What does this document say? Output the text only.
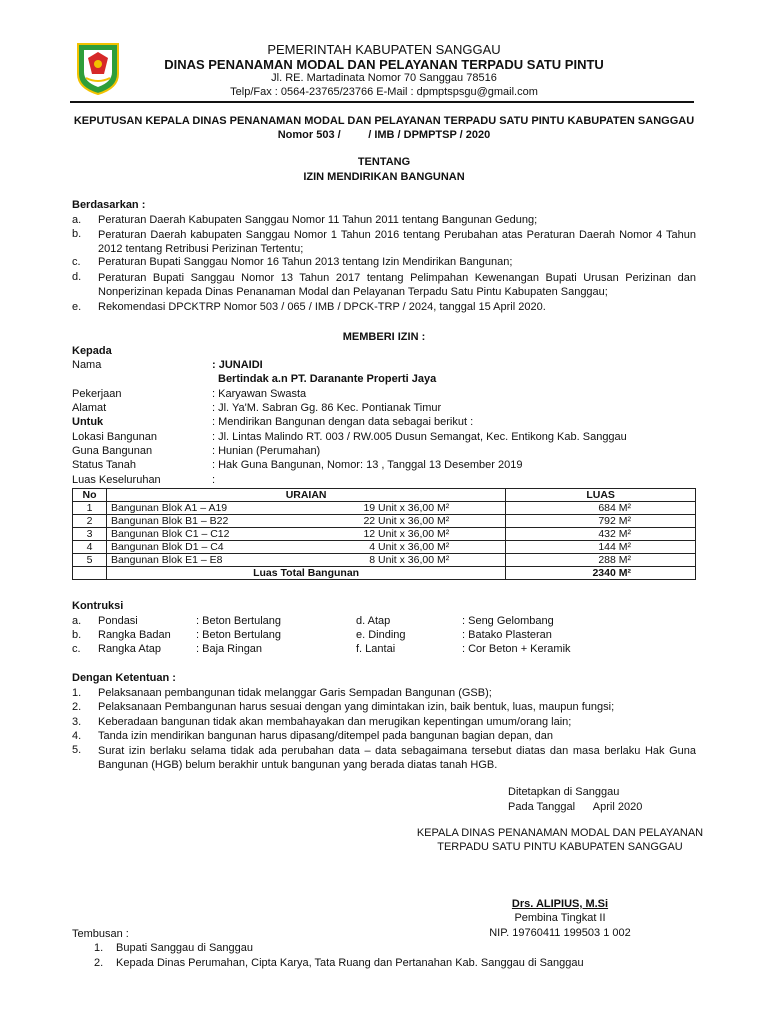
PEMERINTAH KABUPATEN SANGGAU
DINAS PENANAMAN MODAL DAN PELAYANAN TERPADU SATU PINTU
Jl. RE. Martadinata Nomor 70 Sanggau 78516
Telp/Fax : 0564-23765/23766 E-Mail : dpmptspsgu@gmail.com
KEPUTUSAN KEPALA DINAS PENANAMAN MODAL DAN PELAYANAN TERPADU SATU PINTU KABUPATEN SANGGAU
Nomor 503 /         / IMB / DPMPTSP / 2020
TENTANG
IZIN MENDIRIKAN BANGUNAN
Berdasarkan :
a. Peraturan Daerah Kabupaten Sanggau Nomor 11 Tahun 2011 tentang Bangunan Gedung;
b. Peraturan Daerah kabupaten Sanggau Nomor 1 Tahun 2016 tentang Perubahan atas Peraturan Daerah Nomor 4 Tahun 2012 tentang Retribusi Perizinan Tertentu;
c. Peraturan Bupati Sanggau Nomor 16 Tahun 2013 tentang Izin Mendirikan Bangunan;
d. Peraturan Bupati Sanggau Nomor 13 Tahun 2017 tentang Pelimpahan Kewenangan Bupati Urusan Perizinan dan Nonperizinan kepada Dinas Penanaman Modal dan Pelayanan Terpadu Satu Pintu Kabupaten Sanggau;
e. Rekomendasi DPCKTRP Nomor 503 / 065 / IMB / DPCK-TRP / 2024, tanggal 15 April 2020.
MEMBERI IZIN :
Kepada
Nama	: JUNAIDI
Bertindak a.n PT. Daranante Properti Jaya
Pekerjaan	: Karyawan Swasta
Alamat	: Jl. Ya'M. Sabran Gg. 86 Kec. Pontianak Timur
Untuk	: Mendirikan Bangunan dengan data sebagai berikut :
Lokasi Bangunan	: Jl. Lintas Malindo RT. 003 / RW.005 Dusun Semangat, Kec. Entikong Kab. Sanggau
Guna Bangunan	: Hunian (Perumahan)
Status Tanah	: Hak Guna Bangunan, Nomor: 13 , Tanggal 13 Desember 2019
Luas Keseluruhan	:
No	URAIAN		LUAS
1	Bangunan Blok A1 – A19	19 Unit x 36,00 M²	684 M²
2	Bangunan Blok B1 – B22	22 Unit x 36,00 M²	792 M²
3	Bangunan Blok C1 – C12	12 Unit x 36,00 M²	432 M²
4	Bangunan Blok D1 – C4	4 Unit x 36,00 M²	144 M²
5	Bangunan Blok E1 – E8	8 Unit x 36,00 M²	288 M²
	Luas Total Bangunan		2340 M²
Kontruksi
a. Pondasi	: Beton Bertulang	d. Atap	: Seng Gelombang
b. Rangka Badan : Beton Bertulang	e. Dinding	: Batako Plasteran
c. Rangka Atap	: Baja Ringan	f. Lantai	: Cor Beton + Keramik
Dengan Ketentuan :
1. Pelaksanaan pembangunan tidak melanggar Garis Sempadan Bangunan (GSB);
2. Pelaksanaan Pembangunan harus sesuai dengan yang dimintakan izin, baik bentuk, luas, maupun fungsi;
3. Keberadaan bangunan tidak akan membahayakan dan merugikan kepentingan umum/orang lain;
4. Tanda izin mendirikan bangunan harus dipasang/ditempel pada bangunan bagian depan, dan
5. Surat izin berlaku selama tidak ada perubahan data – data sebagaimana tersebut diatas dan masa berlaku Hak Guna Bangunan (HGB) belum berakhir untuk bangunan yang berada diatas tanah HGB.
Ditetapkan di Sanggau
Pada Tanggal      April 2020
KEPALA DINAS PENANAMAN MODAL DAN PELAYANAN
TERPADU SATU PINTU KABUPATEN SANGGAU
Drs. ALIPIUS, M.Si
Pembina Tingkat II
NIP. 19760411 199503 1 002
Tembusan :
1. Bupati Sanggau di Sanggau
2. Kepada Dinas Perumahan, Cipta Karya, Tata Ruang dan Pertanahan Kab. Sanggau di Sanggau
